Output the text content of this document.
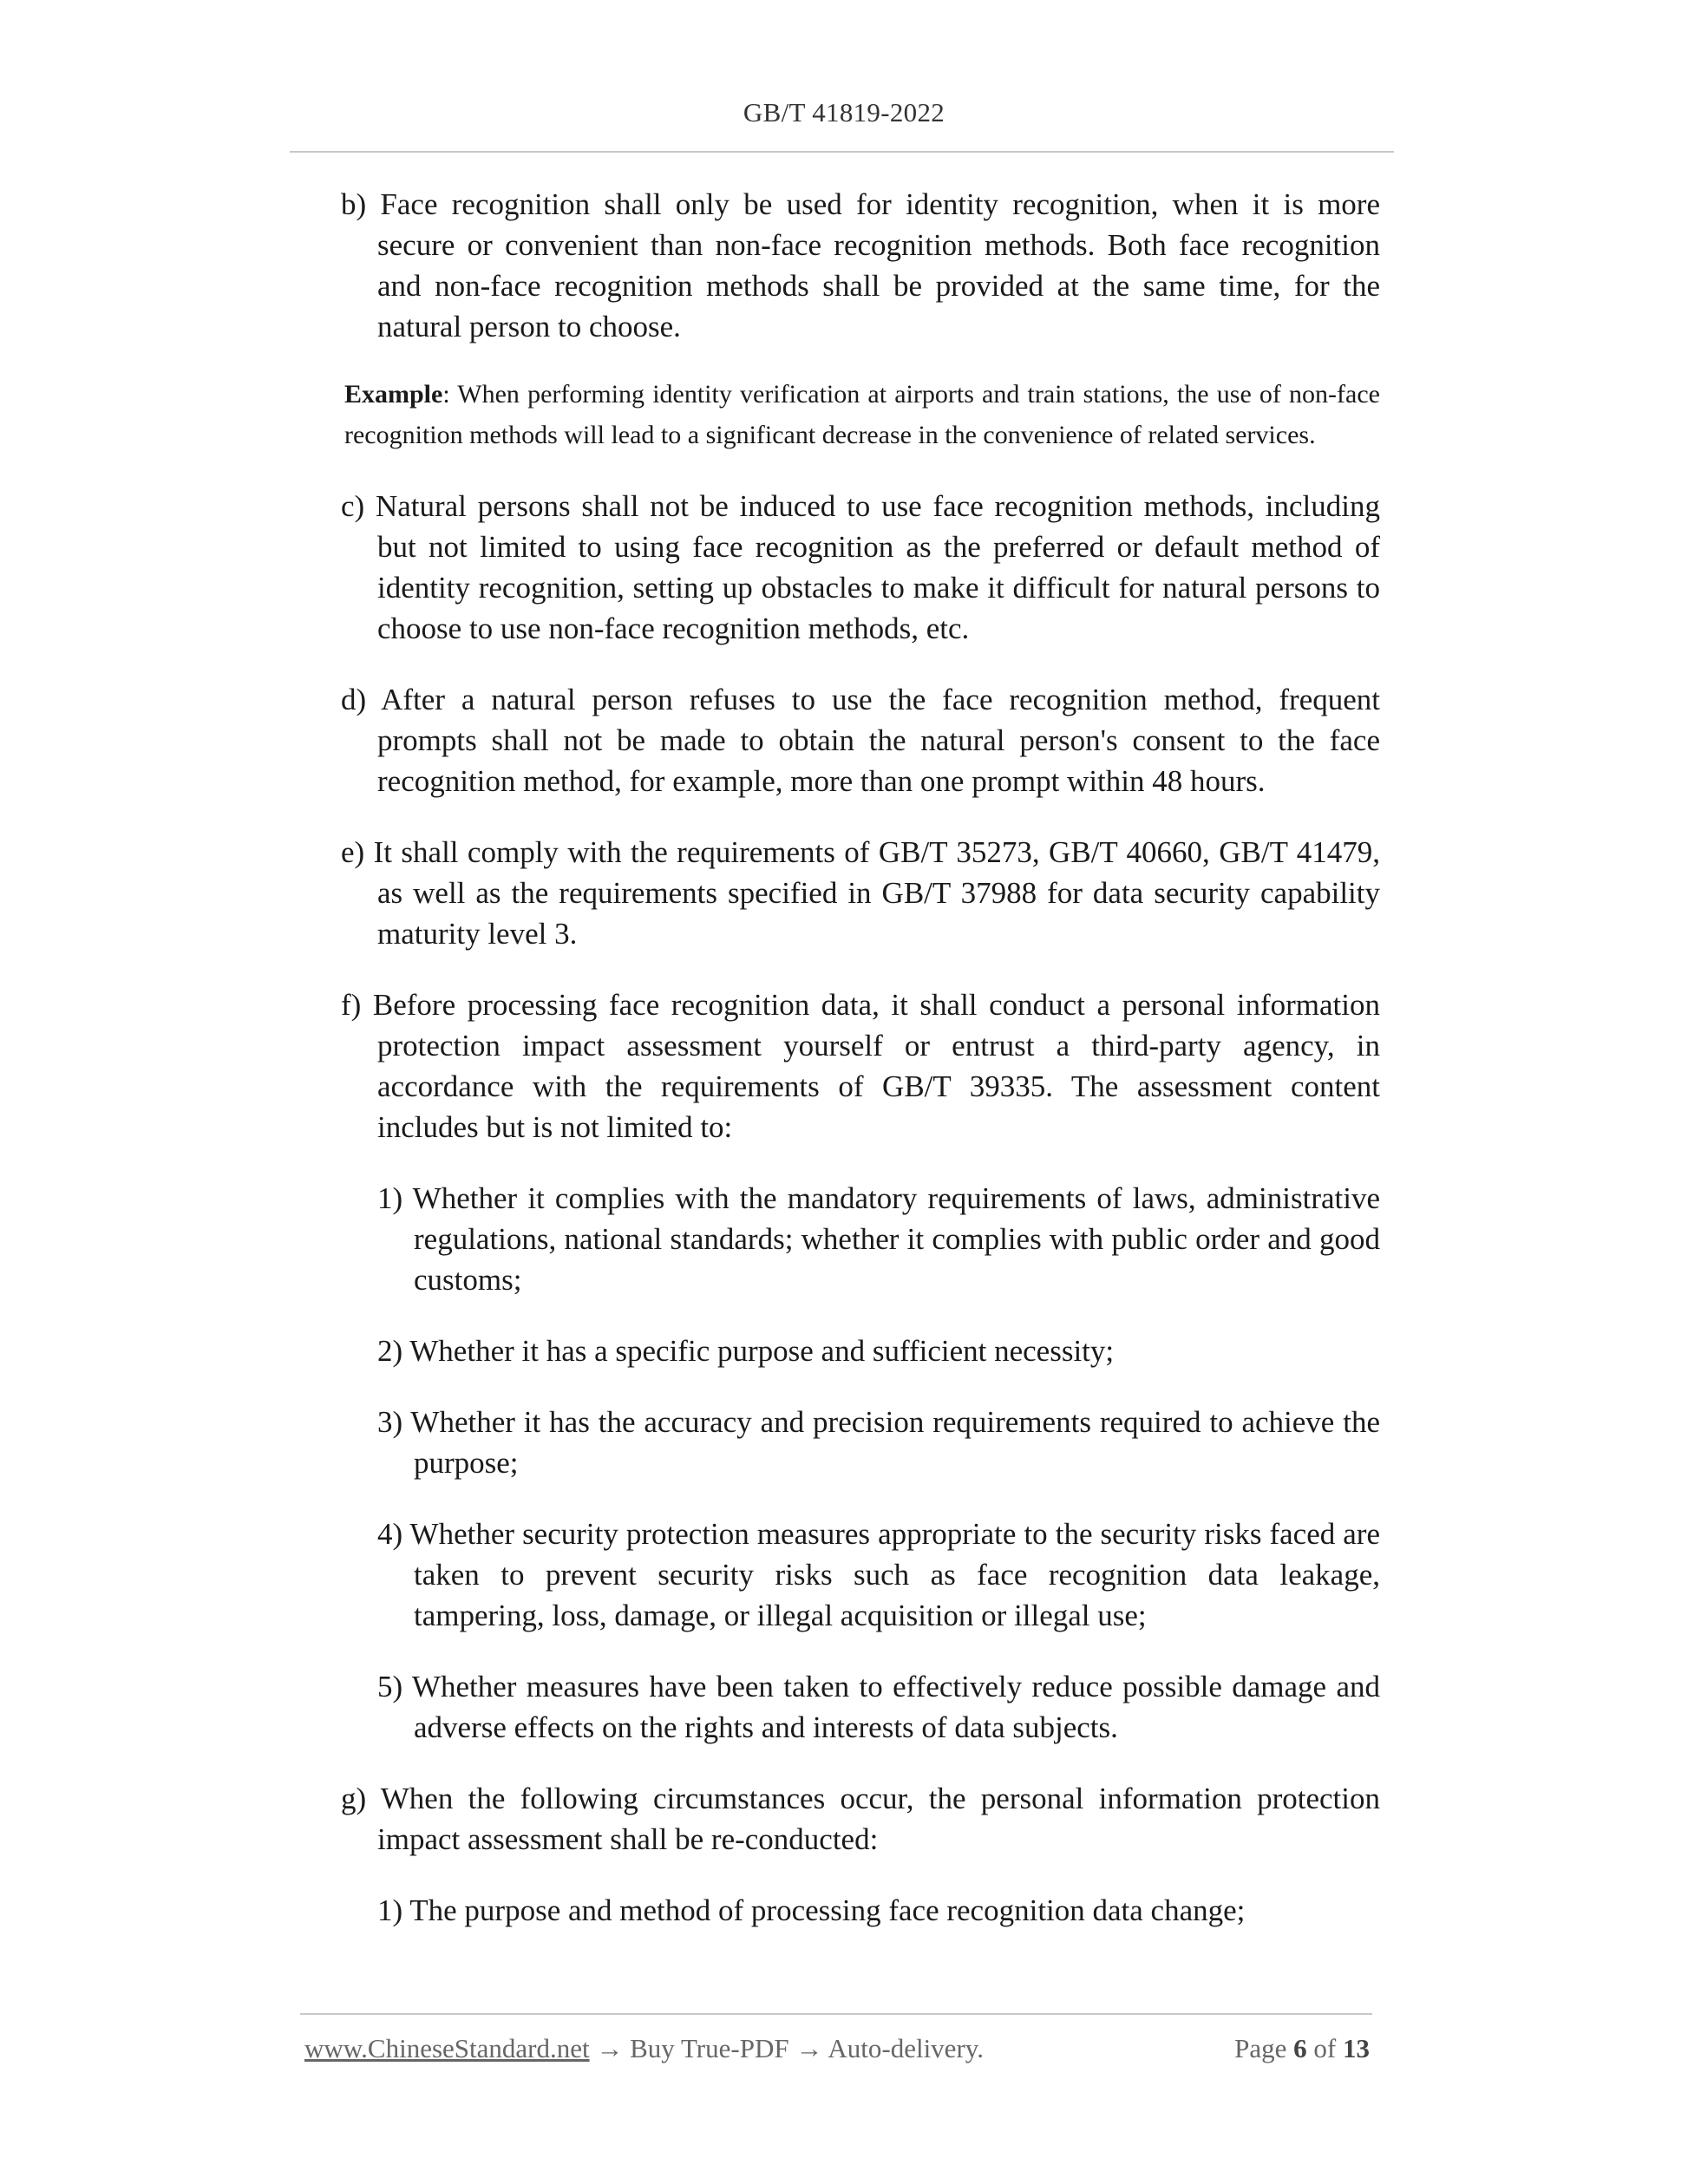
GB/T 41819-2022

b) Face recognition shall only be used for identity recognition, when it is more secure or convenient than non-face recognition methods. Both face recognition and non-face recognition methods shall be provided at the same time, for the natural person to choose.

Example: When performing identity verification at airports and train stations, the use of non-face recognition methods will lead to a significant decrease in the convenience of related services.

c) Natural persons shall not be induced to use face recognition methods, including but not limited to using face recognition as the preferred or default method of identity recognition, setting up obstacles to make it difficult for natural persons to choose to use non-face recognition methods, etc.

d) After a natural person refuses to use the face recognition method, frequent prompts shall not be made to obtain the natural person's consent to the face recognition method, for example, more than one prompt within 48 hours.

e) It shall comply with the requirements of GB/T 35273, GB/T 40660, GB/T 41479, as well as the requirements specified in GB/T 37988 for data security capability maturity level 3.

f) Before processing face recognition data, it shall conduct a personal information protection impact assessment yourself or entrust a third-party agency, in accordance with the requirements of GB/T 39335. The assessment content includes but is not limited to:

1) Whether it complies with the mandatory requirements of laws, administrative regulations, national standards; whether it complies with public order and good customs;

2) Whether it has a specific purpose and sufficient necessity;

3) Whether it has the accuracy and precision requirements required to achieve the purpose;

4) Whether security protection measures appropriate to the security risks faced are taken to prevent security risks such as face recognition data leakage, tampering, loss, damage, or illegal acquisition or illegal use;

5) Whether measures have been taken to effectively reduce possible damage and adverse effects on the rights and interests of data subjects.

g) When the following circumstances occur, the personal information protection impact assessment shall be re-conducted:

1) The purpose and method of processing face recognition data change;

www.ChineseStandard.net → Buy True-PDF → Auto-delivery.	Page 6 of 13
